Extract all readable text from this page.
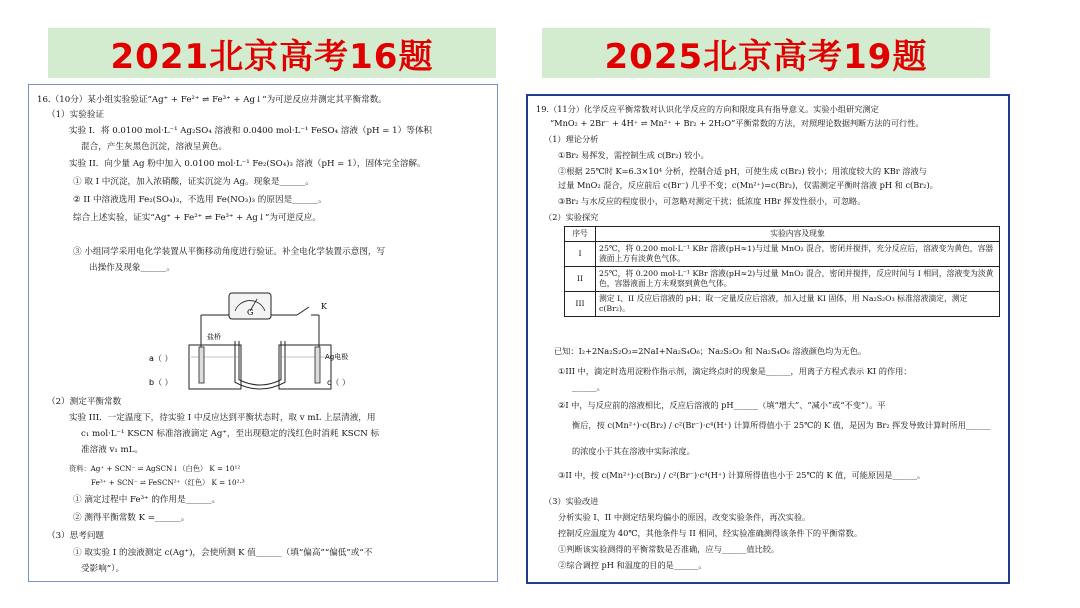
2021北京高考16题	2025北京高考19题
16.（10分）某小组实验验证“Ag⁺ + Fe²⁺ ⇌ Fe³⁺ + Ag↓”为可逆反应并测定其平衡常数。
（1）实验验证
实验 I．将 0.0100 mol·L⁻¹ Ag₂SO₄ 溶液和 0.0400 mol·L⁻¹ FeSO₄ 溶液（pH = 1）等体积
混合，产生灰黑色沉淀，溶液呈黄色。
实验 II．向少量 Ag 粉中加入 0.0100 mol·L⁻¹ Fe₂(SO₄)₃ 溶液（pH = 1），固体完全溶解。
① 取 I 中沉淀，加入浓硝酸，证实沉淀为 Ag。现象是______。
② II 中溶液选用 Fe₂(SO₄)₃，不选用 Fe(NO₃)₃ 的原因是______。
综合上述实验，证实“Ag⁺ + Fe²⁺ ⇌ Fe³⁺ + Ag↓”为可逆反应。
③ 小组同学采用电化学装置从平衡移动角度进行验证。补全电化学装置示意图，写
出操作及现象______。
G
K
盐桥
a（ ）
b（ ）	c（ ）
Ag电极
（2）测定平衡常数
实验 III．一定温度下，待实验 I 中反应达到平衡状态时，取 v mL 上层清液，用
c₁ mol·L⁻¹ KSCN 标准溶液滴定 Ag⁺，至出现稳定的浅红色时消耗 KSCN 标
准溶液 v₁ mL。
资料：Ag⁺ + SCN⁻ ⇌ AgSCN↓（白色） K = 10¹²
Fe³⁺ + SCN⁻ ⇌ FeSCN²⁺（红色） K = 10²·³
① 滴定过程中 Fe³⁺ 的作用是______。
② 测得平衡常数 K =______。
（3）思考问题
① 取实验 I 的浊液测定 c(Ag⁺)，会使所测 K 值______（填“偏高”“偏低”或“不
受影响”）。
19.（11分）化学反应平衡常数对认识化学反应的方向和限度具有指导意义。实验小组研究测定
“MnO₂ + 2Br⁻ + 4H⁺ ⇌ Mn²⁺ + Br₂ + 2H₂O”平衡常数的方法，对照理论数据判断方法的可行性。
（1）理论分析
①Br₂ 易挥发，需控制生成 c(Br₂) 较小。
②根据 25℃时 K=6.3×10⁴ 分析，控制合适 pH，可使生成 c(Br₂) 较小；用浓度较大的 KBr 溶液与
过量 MnO₂ 混合，反应前后 c(Br⁻) 几乎不变；c(Mn²⁺)=c(Br₂)，仅需测定平衡时溶液 pH 和 c(Br₂)。
③Br₂ 与水反应的程度很小，可忽略对测定干扰；低浓度 HBr 挥发性很小，可忽略。
（2）实验探究
序号	实验内容及现象
I	25℃，将 0.200 mol·L⁻¹ KBr 溶液(pH≈1)与过量 MnO₂ 混合，密闭并搅拌，充分反应后，溶液变为黄色，容器液面上方有淡黄色气体。
II	25℃，将 0.200 mol·L⁻¹ KBr 溶液(pH≈2)与过量 MnO₂ 混合，密闭并搅拌，反应时间与 I 相同，溶液变为淡黄色，容器液面上方未观察到黄色气体。
III	测定 I、II 反应后溶液的 pH；取一定量反应后溶液，加入过量 KI 固体，用 Na₂S₂O₃ 标准溶液滴定，测定 c(Br₂)。
已知：I₂+2Na₂S₂O₃=2NaI+Na₂S₄O₆；Na₂S₂O₃ 和 Na₂S₄O₆ 溶液颜色均为无色。
①III 中，滴定时选用淀粉作指示剂，滴定终点时的现象是______，用离子方程式表示 KI 的作用：
______。
②I 中，与反应前的溶液相比，反应后溶液的 pH______（填“增大”、“减小”或“不变”）。平
衡后，按 c(Mn²⁺)·c(Br₂) / c²(Br⁻)·c⁴(H⁺) 计算所得值小于 25℃的 K 值，是因为 Br₂ 挥发导致计算时所用______
的浓度小于其在溶液中实际浓度。
③II 中，按 c(Mn²⁺)·c(Br₂) / c²(Br⁻)·c⁴(H⁺) 计算所得值也小于 25℃的 K 值，可能原因是______。
（3）实验改进
分析实验 I、II 中测定结果均偏小的原因，改变实验条件，再次实验。
控制反应温度为 40℃，其他条件与 II 相同，经实验准确测得该条件下的平衡常数。
①判断该实验测得的平衡常数是否准确，应与______值比较。
②综合调控 pH 和温度的目的是______。
